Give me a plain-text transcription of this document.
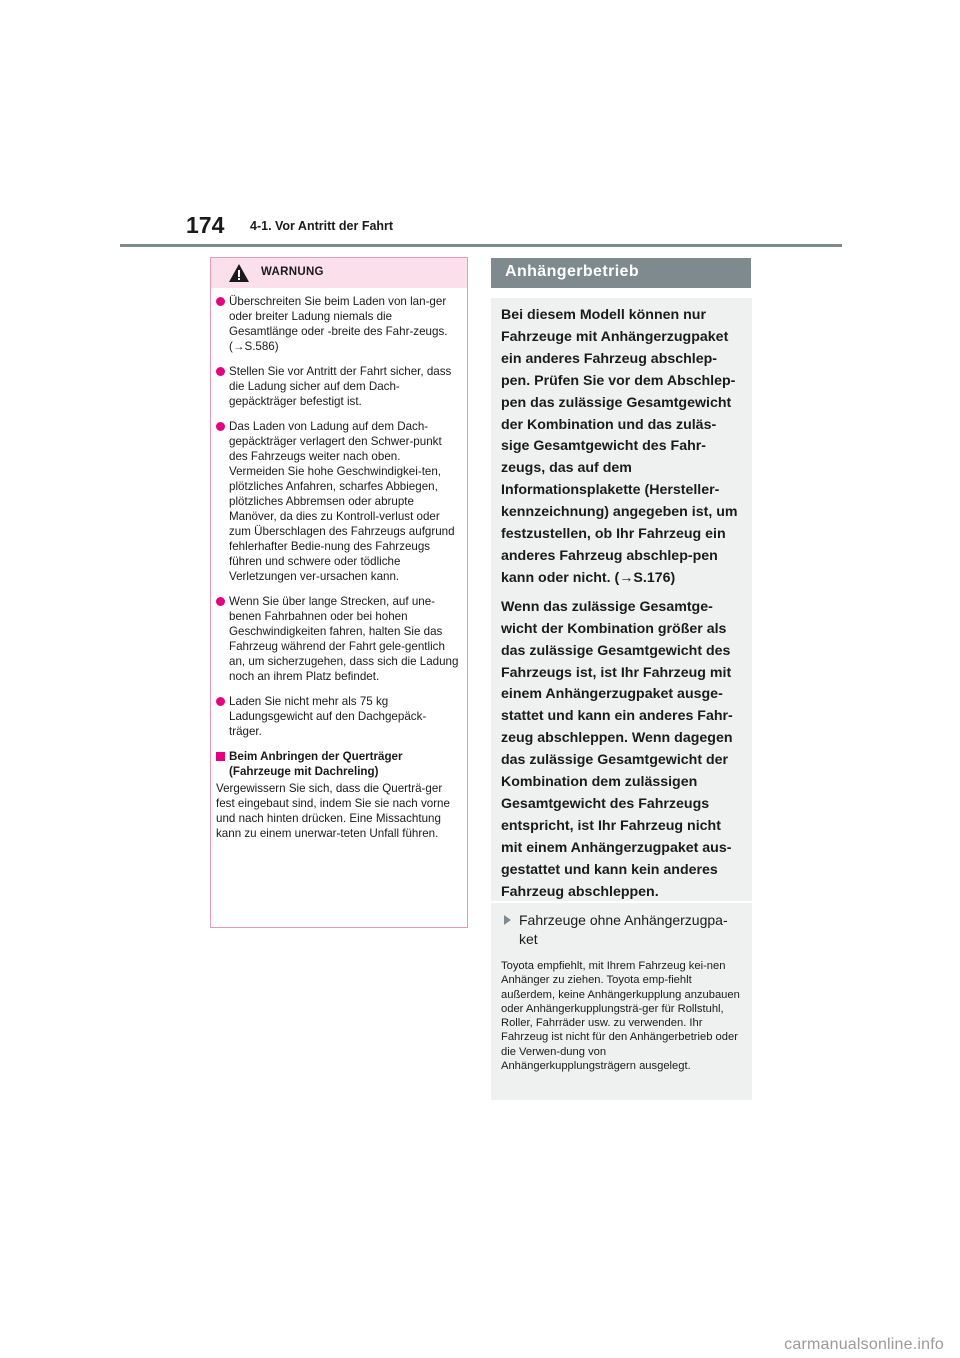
174 4-1. Vor Antritt der Fahrt
WARNUNG
Überschreiten Sie beim Laden von lan-ger oder breiter Ladung niemals die Gesamtlänge oder -breite des Fahr-zeugs. (→S.586)
Stellen Sie vor Antritt der Fahrt sicher, dass die Ladung sicher auf dem Dach-gepäckträger befestigt ist.
Das Laden von Ladung auf dem Dach-gepäckträger verlagert den Schwer-punkt des Fahrzeugs weiter nach oben. Vermeiden Sie hohe Geschwindigkei-ten, plötzliches Anfahren, scharfes Abbiegen, plötzliches Abbremsen oder abrupte Manöver, da dies zu Kontroll-verlust oder zum Überschlagen des Fahrzeugs aufgrund fehlerhafter Bedie-nung des Fahrzeugs führen und schwere oder tödliche Verletzungen ver-ursachen kann.
Wenn Sie über lange Strecken, auf une-benen Fahrbahnen oder bei hohen Geschwindigkeiten fahren, halten Sie das Fahrzeug während der Fahrt gele-gentlich an, um sicherzugehen, dass sich die Ladung noch an ihrem Platz befindet.
Laden Sie nicht mehr als 75 kg Ladungsgewicht auf den Dachgepäck-träger.
Beim Anbringen der Querträger (Fahrzeuge mit Dachreling)
Vergewissern Sie sich, dass die Querträ-ger fest eingebaut sind, indem Sie sie nach vorne und nach hinten drücken. Eine Missachtung kann zu einem unerwar-teten Unfall führen.
Anhängerbetrieb

Bei diesem Modell können nur Fahrzeuge mit Anhängerzugpaket ein anderes Fahrzeug abschlep-pen. Prüfen Sie vor dem Abschlep-pen das zulässige Gesamtgewicht der Kombination und das zuläs-sige Gesamtgewicht des Fahr-zeugs, das auf dem Informationsplakette (Hersteller-kennzeichnung) angegeben ist, um festzustellen, ob Ihr Fahrzeug ein anderes Fahrzeug abschlep-pen kann oder nicht. (→S.176)

Wenn das zulässige Gesamtge-wicht der Kombination größer als das zulässige Gesamtgewicht des Fahrzeugs ist, ist Ihr Fahrzeug mit einem Anhängerzugpaket ausge-stattet und kann ein anderes Fahr-zeug abschleppen. Wenn dagegen das zulässige Gesamtgewicht der Kombination dem zulässigen Gesamtgewicht des Fahrzeugs entspricht, ist Ihr Fahrzeug nicht mit einem Anhängerzugpaket aus-gestattet und kann kein anderes Fahrzeug abschleppen.

Fahrzeuge ohne Anhängerzugpa-ket
Toyota empfiehlt, mit Ihrem Fahrzeug kei-nen Anhänger zu ziehen. Toyota emp-fiehlt außerdem, keine Anhängerkupplung anzubauen oder Anhängerkupplungsträ-ger für Rollstuhl, Roller, Fahrräder usw. zu verwenden. Ihr Fahrzeug ist nicht für den Anhängerbetrieb oder die Verwen-dung von Anhängerkupplungsträgern ausgelegt.
carmanualsonline.info
